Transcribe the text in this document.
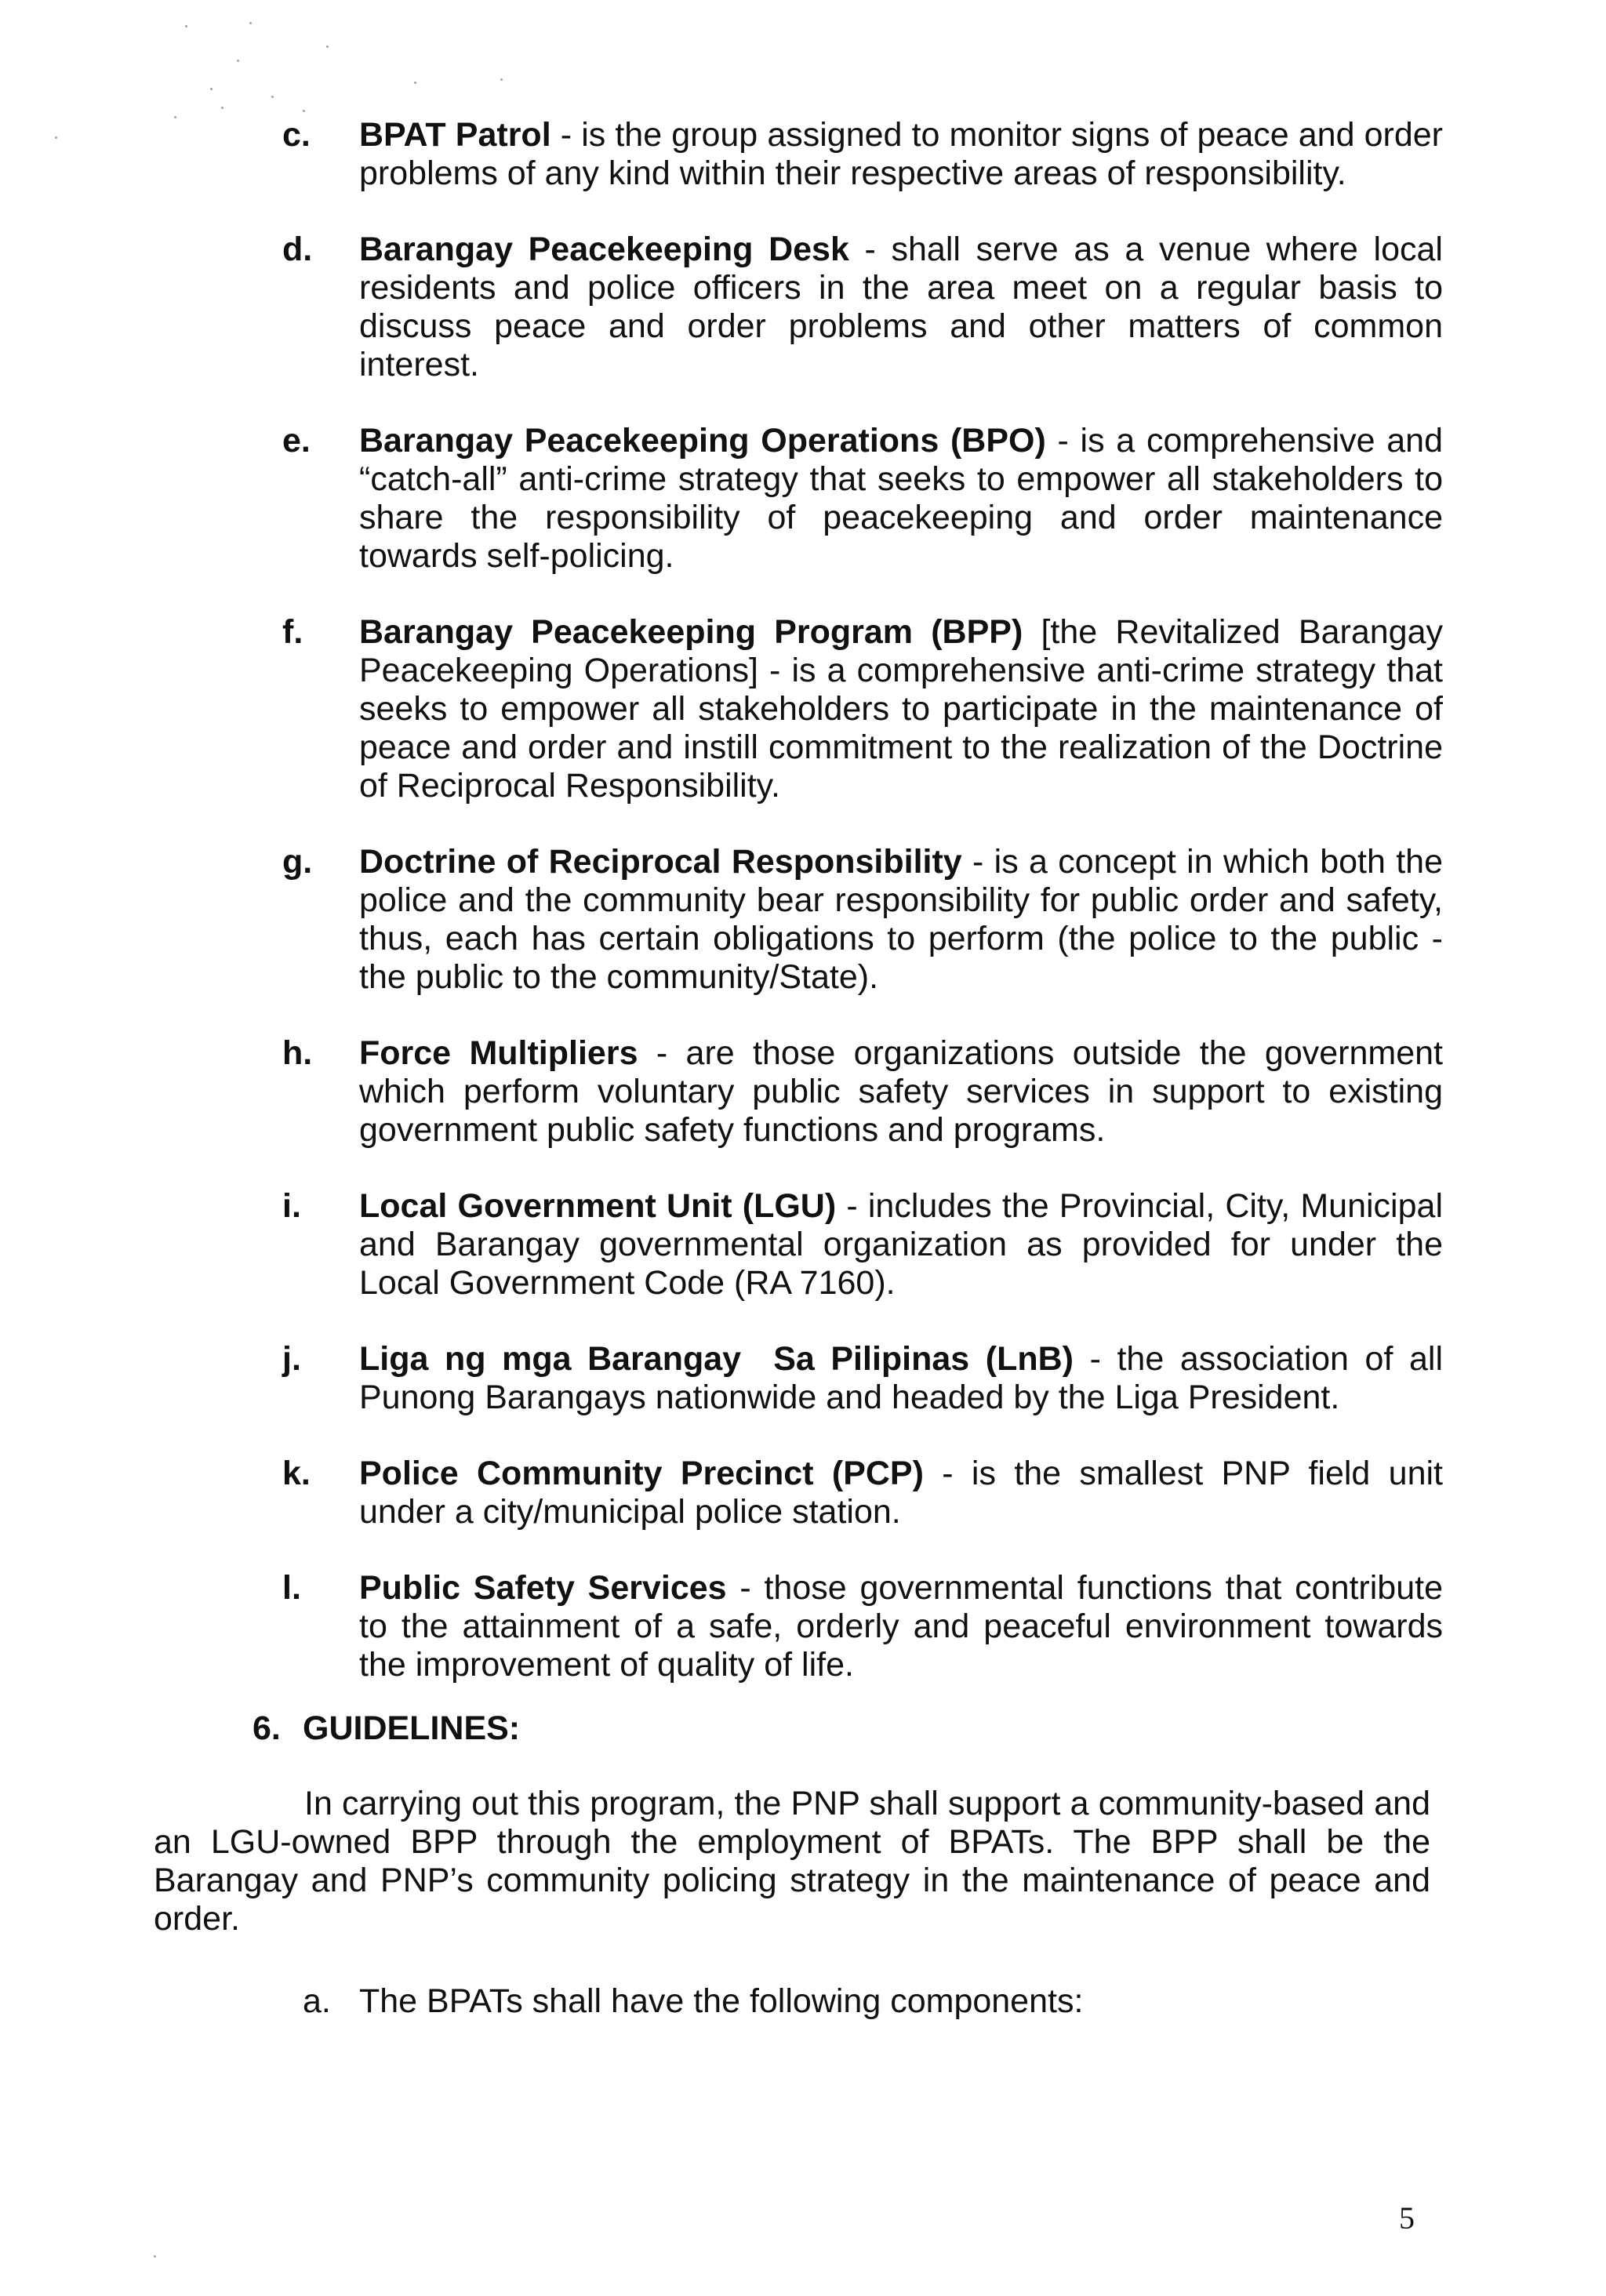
c. BPAT Patrol - is the group assigned to monitor signs of peace and order problems of any kind within their respective areas of responsibility.
d. Barangay Peacekeeping Desk - shall serve as a venue where local residents and police officers in the area meet on a regular basis to discuss peace and order problems and other matters of common interest.
e. Barangay Peacekeeping Operations (BPO) - is a comprehensive and “catch-all” anti-crime strategy that seeks to empower all stakeholders to share the responsibility of peacekeeping and order maintenance towards self-policing.
f. Barangay Peacekeeping Program (BPP) [the Revitalized Barangay Peacekeeping Operations] - is a comprehensive anti-crime strategy that seeks to empower all stakeholders to participate in the maintenance of peace and order and instill commitment to the realization of the Doctrine of Reciprocal Responsibility.
g. Doctrine of Reciprocal Responsibility - is a concept in which both the police and the community bear responsibility for public order and safety, thus, each has certain obligations to perform (the police to the public - the public to the community/State).
h. Force Multipliers - are those organizations outside the government which perform voluntary public safety services in support to existing government public safety functions and programs.
i. Local Government Unit (LGU) - includes the Provincial, City, Municipal and Barangay governmental organization as provided for under the Local Government Code (RA 7160).
j. Liga ng mga Barangay  Sa Pilipinas (LnB) - the association of all Punong Barangays nationwide and headed by the Liga President.
k. Police Community Precinct (PCP) - is the smallest PNP field unit under a city/municipal police station.
l. Public Safety Services - those governmental functions that contribute to the attainment of a safe, orderly and peaceful environment towards the improvement of quality of life.
6. GUIDELINES:
In carrying out this program, the PNP shall support a community-based and an LGU-owned BPP through the employment of BPATs. The BPP shall be the Barangay and PNP’s community policing strategy in the maintenance of peace and order.
a. The BPATs shall have the following components:
5
